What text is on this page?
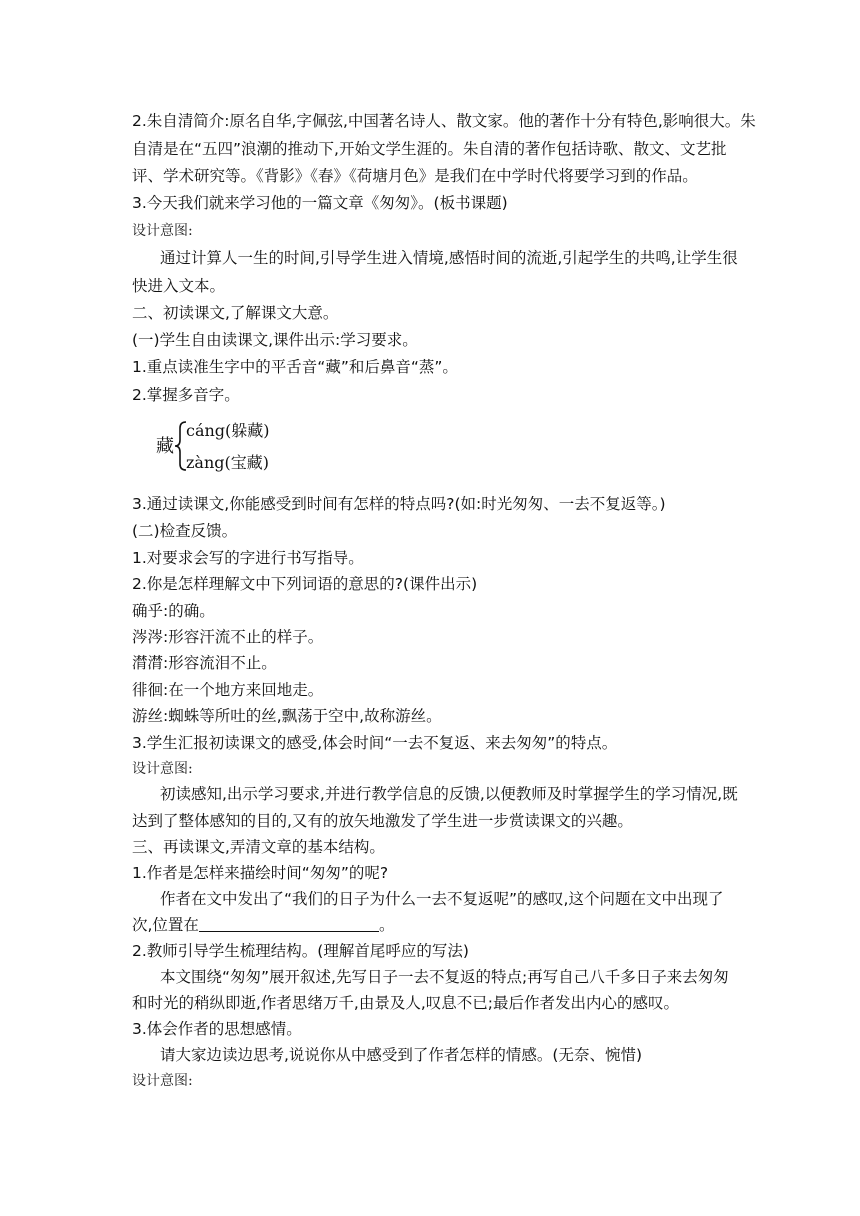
2.朱自清简介:原名自华,字佩弦,中国著名诗人、散文家。他的著作十分有特色,影响很大。朱
自清是在“五四”浪潮的推动下,开始文学生涯的。朱自清的著作包括诗歌、散文、文艺批
评、学术研究等。《背影》《春》《荷塘月色》是我们在中学时代将要学习到的作品。
3.今天我们就来学习他的一篇文章《匆匆》。(板书课题)
设计意图:
通过计算人一生的时间,引导学生进入情境,感悟时间的流逝,引起学生的共鸣,让学生很
快进入文本。
二、初读课文,了解课文大意。
(一)学生自由读课文,课件出示:学习要求。
1.重点读准生字中的平舌音“藏”和后鼻音“蒸”。
2.掌握多音字。
藏
cáng(躲藏)
zàng(宝藏)
3.通过读课文,你能感受到时间有怎样的特点吗?(如:时光匆匆、一去不复返等。)
(二)检查反馈。
1.对要求会写的字进行书写指导。
2.你是怎样理解文中下列词语的意思的?(课件出示)
确乎:的确。
涔涔:形容汗流不止的样子。
潸潸:形容流泪不止。
徘徊:在一个地方来回地走。
游丝:蜘蛛等所吐的丝,飘荡于空中,故称游丝。
3.学生汇报初读课文的感受,体会时间“一去不复返、来去匆匆”的特点。
设计意图:
初读感知,出示学习要求,并进行教学信息的反馈,以便教师及时掌握学生的学习情况,既
达到了整体感知的目的,又有的放矢地激发了学生进一步赏读课文的兴趣。
三、再读课文,弄清文章的基本结构。
1.作者是怎样来描绘时间“匆匆”的呢?
作者在文中发出了“我们的日子为什么一去不复返呢”的感叹,这个问题在文中出现了
次,位置在	。
2.教师引导学生梳理结构。(理解首尾呼应的写法)
本文围绕“匆匆”展开叙述,先写日子一去不复返的特点;再写自己八千多日子来去匆匆
和时光的稍纵即逝,作者思绪万千,由景及人,叹息不已;最后作者发出内心的感叹。
3.体会作者的思想感情。
请大家边读边思考,说说你从中感受到了作者怎样的情感。(无奈、惋惜)
设计意图:
